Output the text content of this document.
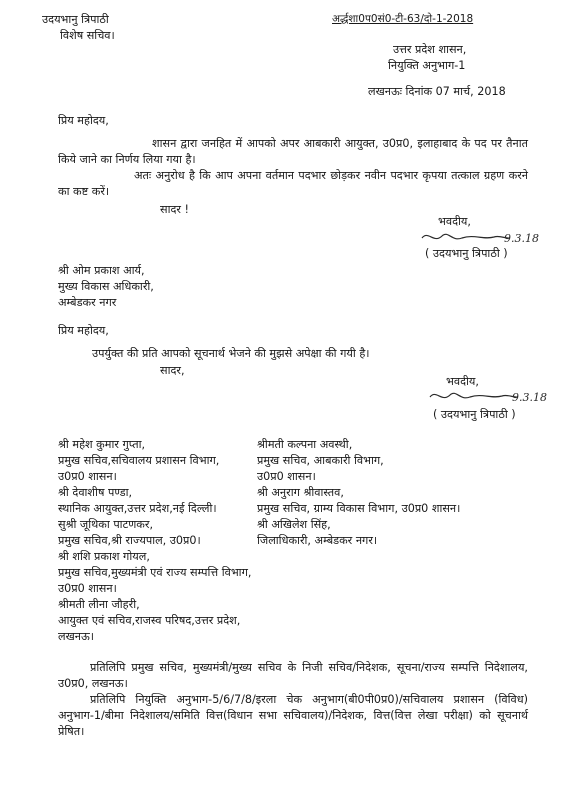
उदयभानु त्रिपाठी
विशेष सचिव।
अर्द्धशा0प0सं0-टी-63/दो-1-2018
उत्तर प्रदेश शासन,
नियुक्ति अनुभाग-1
लखनऊः दिनांक 07 मार्च, 2018
प्रिय महोदय,
शासन द्वारा जनहित में आपको अपर आबकारी आयुक्त, उ0प्र0, इलाहाबाद के पद पर तैनात किये जाने का निर्णय लिया गया है।
अतः अनुरोध है कि आप अपना वर्तमान पदभार छोड़कर नवीन पदभार कृपया तत्काल ग्रहण करने का कष्ट करें।
सादर !
भवदीय,
9.3.18
( उदयभानु त्रिपाठी )
श्री ओम प्रकाश आर्य,
मुख्य विकास अधिकारी,
अम्बेडकर नगर
प्रिय महोदय,
उपर्युक्त की प्रति आपको सूचनार्थ भेजने की मुझसे अपेक्षा की गयी है।
सादर,
भवदीय,
9.3.18
( उदयभानु त्रिपाठी )
श्री महेश कुमार गुप्ता,
प्रमुख सचिव,सचिवालय प्रशासन विभाग,
उ0प्र0 शासन।
श्री देवाशीष पण्डा,
स्थानिक आयुक्त,उत्तर प्रदेश,नई दिल्ली।
सुश्री जूथिका पाटणकर,
प्रमुख सचिव,श्री राज्यपाल, उ0प्र0।
श्री शशि प्रकाश गोयल,
प्रमुख सचिव,मुख्यमंत्री एवं राज्य सम्पत्ति विभाग,
उ0प्र0 शासन।
श्रीमती लीना जौहरी,
आयुक्त एवं सचिव,राजस्व परिषद,उत्तर प्रदेश,
लखनऊ।
श्रीमती कल्पना अवस्थी,
प्रमुख सचिव, आबकारी विभाग,
उ0प्र0 शासन।
श्री अनुराग श्रीवास्तव,
प्रमुख सचिव, ग्राम्य विकास विभाग, उ0प्र0 शासन।
श्री अखिलेश सिंह,
जिलाधिकारी, अम्बेडकर नगर।
प्रतिलिपि प्रमुख सचिव, मुख्यमंत्री/मुख्य सचिव के निजी सचिव/निदेशक, सूचना/राज्य सम्पत्ति निदेशालय, उ0प्र0, लखनऊ।
प्रतिलिपि नियुक्ति अनुभाग-5/6/7/8/इरला चेक अनुभाग(बी0पी0प्र0)/सचिवालय प्रशासन (विविध) अनुभाग-1/बीमा निदेशालय/समिति वित्त(विधान सभा सचिवालय)/निदेशक, वित्त(वित्त लेखा परीक्षा) को सूचनार्थ प्रेषित।
